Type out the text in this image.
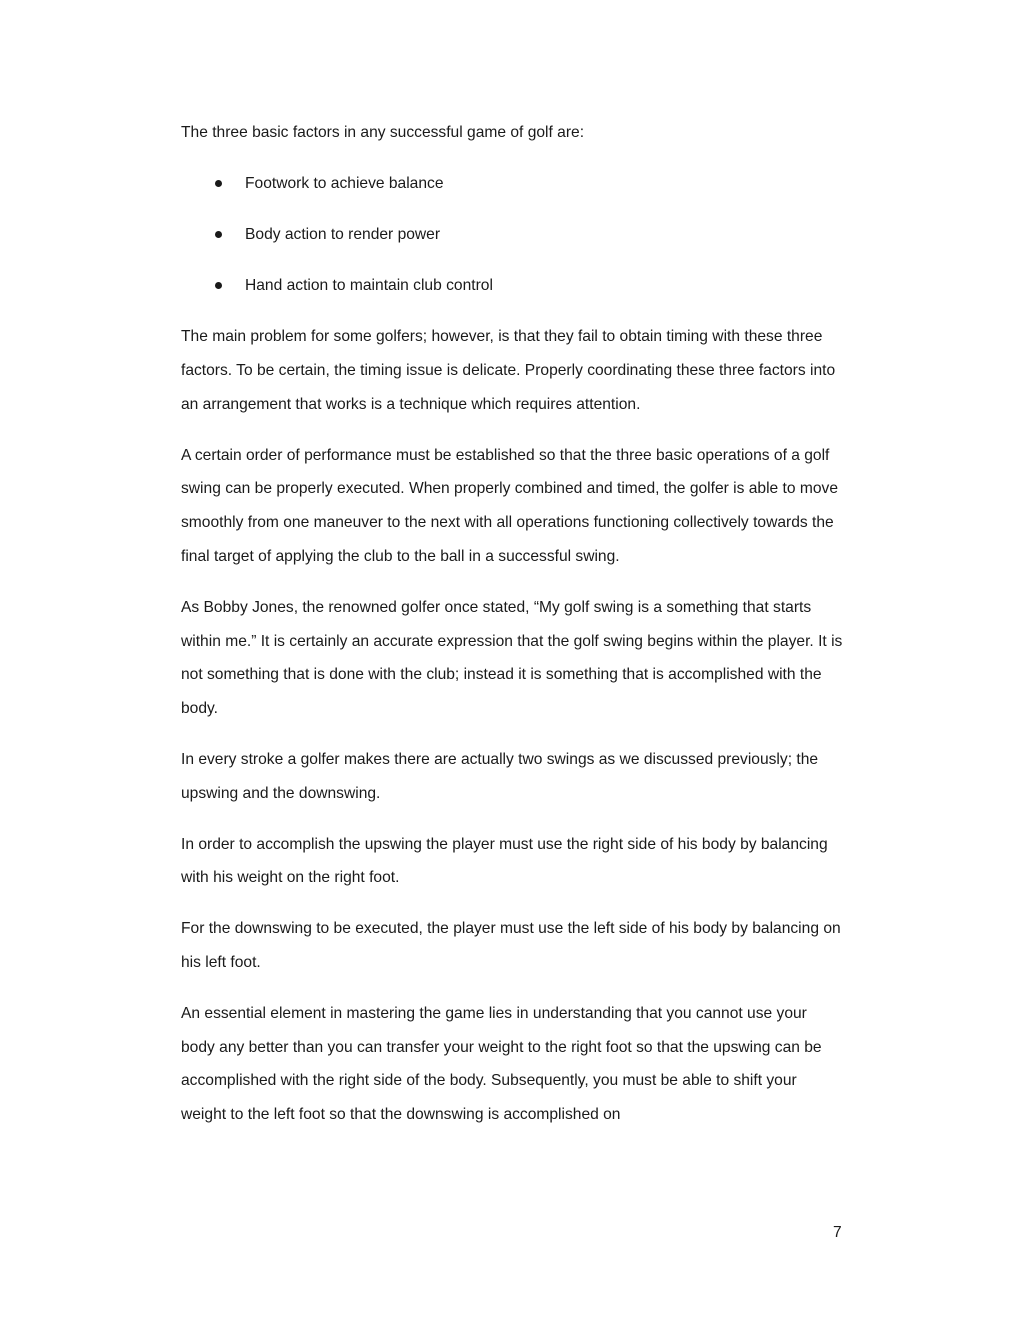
The three basic factors in any successful game of golf are:

Footwork to achieve balance
Body action to render power
Hand action to maintain club control

The main problem for some golfers; however, is that they fail to obtain timing with these three factors. To be certain, the timing issue is delicate. Properly coordinating these three factors into an arrangement that works is a technique which requires attention.

A certain order of performance must be established so that the three basic operations of a golf swing can be properly executed. When properly combined and timed, the golfer is able to move smoothly from one maneuver to the next with all operations functioning collectively towards the final target of applying the club to the ball in a successful swing.

As Bobby Jones, the renowned golfer once stated, “My golf swing is a something that starts within me.” It is certainly an accurate expression that the golf swing begins within the player. It is not something that is done with the club; instead it is something that is accomplished with the body.

In every stroke a golfer makes there are actually two swings as we discussed previously; the upswing and the downswing.

In order to accomplish the upswing the player must use the right side of his body by balancing with his weight on the right foot.

For the downswing to be executed, the player must use the left side of his body by balancing on his left foot.

An essential element in mastering the game lies in understanding that you cannot use your body any better than you can transfer your weight to the right foot so that the upswing can be accomplished with the right side of the body. Subsequently, you must be able to shift your weight to the left foot so that the downswing is accomplished on

7
